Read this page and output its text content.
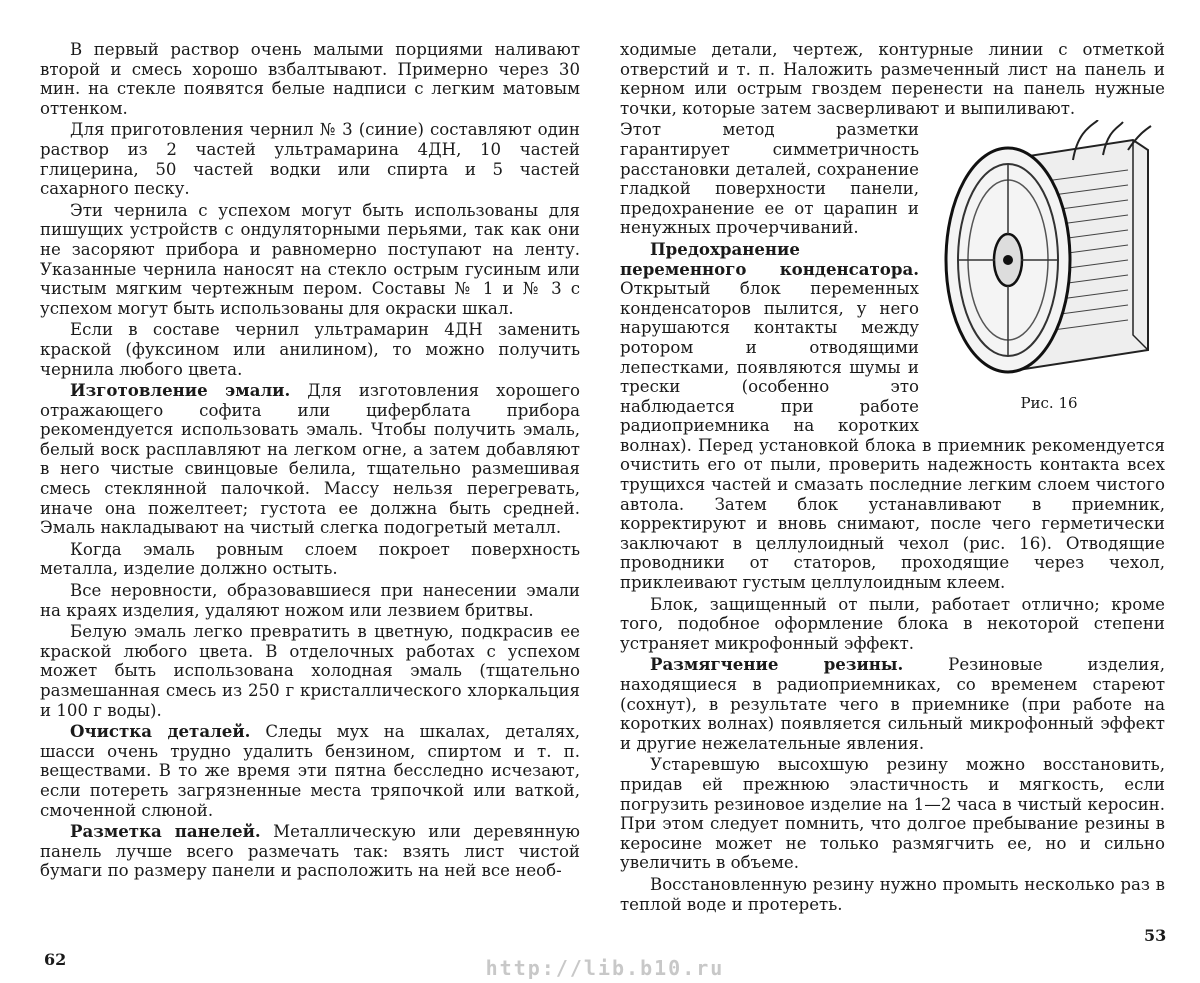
В первый раствор очень малыми порциями наливают второй и смесь хорошо взбалтывают. Примерно через 30 мин. на стекле появятся белые надписи с легким матовым оттенком.

Для приготовления чернил № 3 (синие) составляют один раствор из 2 частей ультрамарина 4ДН, 10 частей глицерина, 50 частей водки или спирта и 5 частей сахарного песку.

Эти чернила с успехом могут быть использованы для пишущих устройств с ондуляторными перьями, так как они не засоряют прибора и равномерно поступают на ленту. Указанные чернила наносят на стекло острым гусиным или чистым мягким чертежным пером. Составы № 1 и № 3 с успехом могут быть использованы для окраски шкал.

Если в составе чернил ультрамарин 4ДН заменить краской (фуксином или анилином), то можно получить чернила любого цвета.

Изготовление эмали. Для изготовления хорошего отражающего софита или циферблата прибора рекомендуется использовать эмаль. Чтобы получить эмаль, белый воск расплавляют на легком огне, а затем добавляют в него чистые свинцовые белила, тщательно размешивая смесь стеклянной палочкой. Массу нельзя перегревать, иначе она пожелтеет; густота ее должна быть средней. Эмаль накладывают на чистый слегка подогретый металл.

Когда эмаль ровным слоем покроет поверхность металла, изделие должно остыть.

Все неровности, образовавшиеся при нанесении эмали на краях изделия, удаляют ножом или лезвием бритвы.

Белую эмаль легко превратить в цветную, подкрасив ее краской любого цвета. В отделочных работах с успехом может быть использована холодная эмаль (тщательно размешанная смесь из 250 г кристаллического хлоркальция и 100 г воды).

Очистка деталей. Следы мух на шкалах, деталях, шасси очень трудно удалить бензином, спиртом и т. п. веществами. В то же время эти пятна бесследно исчезают, если потереть загрязненные места тряпочкой или ваткой, смоченной слюной.

Разметка панелей. Металлическую или деревянную панель лучше всего размечать так: взять лист чистой бумаги по размеру панели и расположить на ней все необ-

ходимые детали, чертеж, контурные линии с отметкой отверстий и т. п. Наложить размеченный лист на панель и керном или острым гвоздем перенести на панель нужные точки, которые затем засверливают и выпиливают.

Рис. 16

Этот метод разметки гарантирует симметричность расстановки деталей, сохранение гладкой поверхности панели, предохранение ее от царапин и ненужных прочерчиваний.

Предохранение переменного конденсатора. Открытый блок переменных конденсаторов пылится, у него нарушаются контакты между ротором и отводящими лепестками, появляются шумы и трески (особенно это наблюдается при работе радиоприемника на коротких волнах). Перед установкой блока в приемник рекомендуется очистить его от пыли, проверить надежность контакта всех трущихся частей и смазать последние легким слоем чистого автола. Затем блок устанавливают в приемник, корректируют и вновь снимают, после чего герметически заключают в целлулоидный чехол (рис. 16). Отводящие проводники от статоров, проходящие через чехол, приклеивают густым целлулоидным клеем.

Блок, защищенный от пыли, работает отлично; кроме того, подобное оформление блока в некоторой степени устраняет микрофонный эффект.

Размягчение резины.	Резиновые изделия, находящиеся в радиоприемниках, со временем стареют (сохнут), в результате чего в приемнике (при работе на коротких волнах) появляется сильный микрофонный эффект и другие нежелательные явления.

Устаревшую высохшую резину можно восстановить, придав ей прежнюю эластичность и мягкость, если погрузить резиновое изделие на 1—2 часа в чистый керосин. При этом следует помнить, что долгое пребывание резины в керосине может не только размягчить ее, но и сильно увеличить в объеме.

Восстановленную резину нужно промыть несколько раз в теплой воде и протереть.

62
53
http://lib.b10.ru
